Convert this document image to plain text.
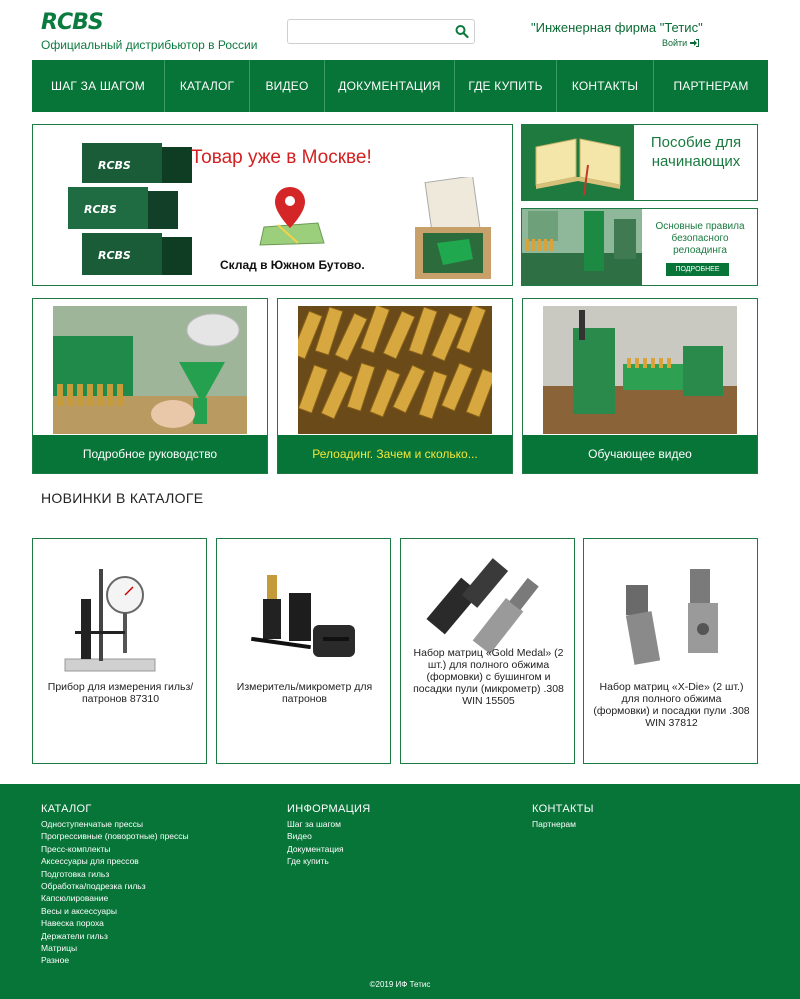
RCBS
Официальный дистрибьютор в России
"Инженерная фирма "Тетис"
Войти
ШАГ ЗА ШАГОМ	КАТАЛОГ	ВИДЕО	ДОКУМЕНТАЦИЯ	ГДЕ КУПИТЬ	КОНТАКТЫ	ПАРТНЕРАМ
RCBS
RCBS
RCBS
Товар уже в Москве!
Склад в Южном Бутово.
Пособие для начинающих
Основные правила безопасного релоадинга
ПОДРОБНЕЕ
Подробное руководство	Релоадинг. Зачем и сколько...	Обучающее видео
НОВИНКИ В КАТАЛОГЕ
Прибор для измерения гильз/патронов 87310
Измеритель/микрометр для патронов
Набор матриц «Gold Medal» (2 шт.) для полного обжима (формовки) с бушингом и посадки пули (микрометр) .308 WIN 15505
Набор матриц «X-Die» (2 шт.) для полного обжима (формовки) и посадки пули .308 WIN 37812
КАТАЛОГ
Одноступенчатые прессы
Прогрессивные (поворотные) прессы
Пресс-комплекты
Аксессуары для прессов
Подготовка гильз
Обработка/подрезка гильз
Капсюлирование
Весы и аксессуары
Навеска пороха
Держатели гильз
Матрицы
Разное
ИНФОРМАЦИЯ
Шаг за шагом
Видео
Документация
Где купить
КОНТАКТЫ
Партнерам
©2019 ИФ Тетис
